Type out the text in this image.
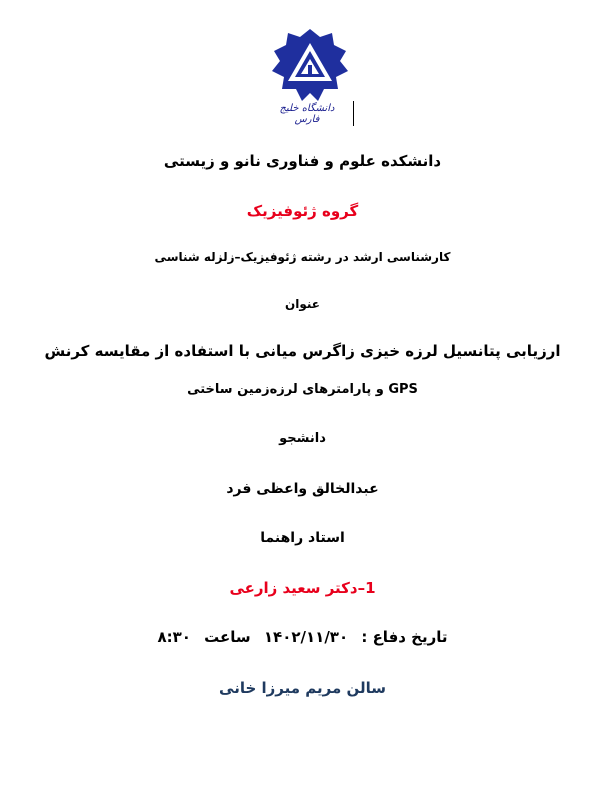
دانشگاه خلیج فارس
دانشکده علوم و فناوری نانو و زیستی
گروه ژئوفیزیک
کارشناسی ارشد در رشته ژئوفیزیک–زلزله شناسی
عنوان
ارزیابی پتانسیل لرزه خیزی زاگرس میانی با استفاده از مقایسه کرنش
GPS و پارامترهای لرزه‌زمین ساختی
دانشجو
عبدالخالق واعظی فرد
استاد راهنما
1–دکتر سعید زارعی
تاریخ دفاع : ۱۴۰۲/۱۱/۳۰ ساعت ۸:۳۰
سالن مریم میرزا خانی
